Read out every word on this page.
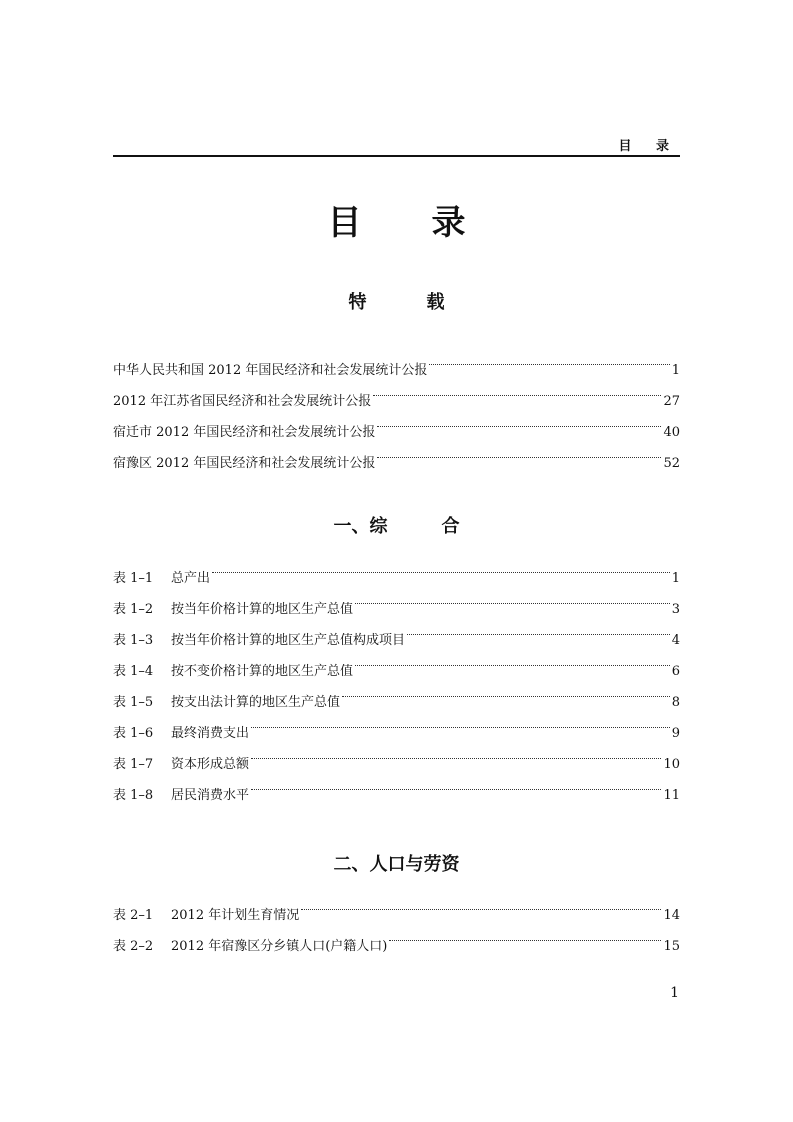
目 录
目录
特载
中华人民共和国 2012 年国民经济和社会发展统计公报	1
2012 年江苏省国民经济和社会发展统计公报	27
宿迁市 2012 年国民经济和社会发展统计公报	40
宿豫区 2012 年国民经济和社会发展统计公报	52
一、综	合
表 1–1	总产出	1
表 1–2	按当年价格计算的地区生产总值	3
表 1–3	按当年价格计算的地区生产总值构成项目	4
表 1–4	按不变价格计算的地区生产总值	6
表 1–5	按支出法计算的地区生产总值	8
表 1–6	最终消费支出	9
表 1–7	资本形成总额	10
表 1–8	居民消费水平	11
二、人口与劳资
表 2–1	2012 年计划生育情况	14
表 2–2	2012 年宿豫区分乡镇人口(户籍人口)	15
1
